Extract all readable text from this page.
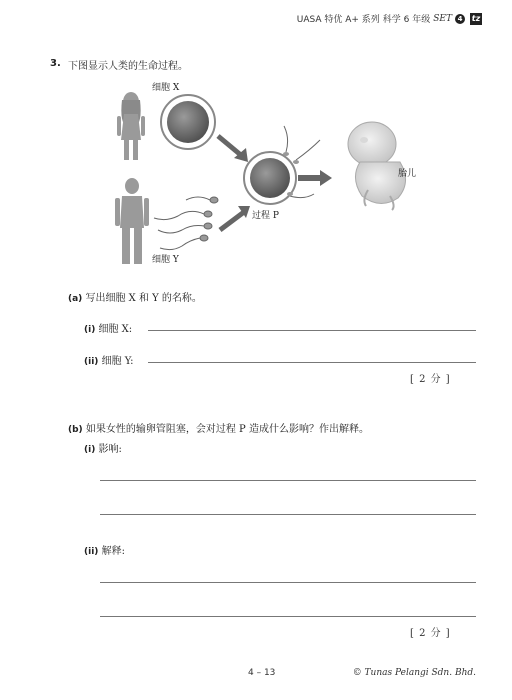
UASA 特优 A+ 系列 科学 6 年级 SET 4	tz
3. 下图显示人类的生命过程。
细胞 X
细胞 Y
过程 P
胎儿
(a) 写出细胞 X 和 Y 的名称。
(i) 细胞 X:
(ii) 细胞 Y:
[ 2 分 ]
(b) 如果女性的输卵管阻塞，会对过程 P 造成什么影响？作出解释。
(i) 影响:
(ii) 解释:
[ 2 分 ]
4 – 13	© Tunas Pelangi Sdn. Bhd.
